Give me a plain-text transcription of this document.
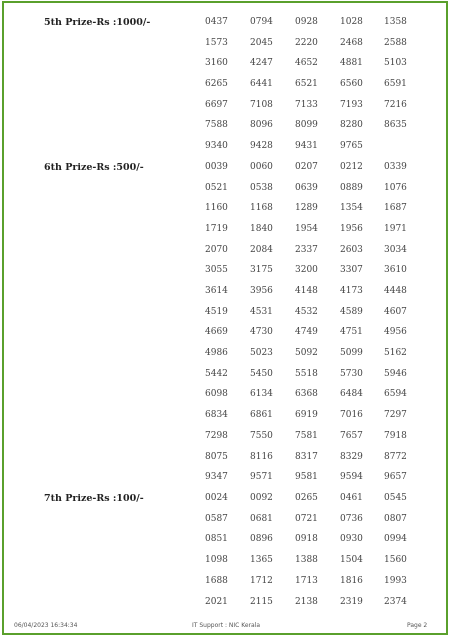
5th Prize-Rs :1000/-	0437 0794 0928 1028 1358
1573 2045 2220 2468 2588
3160 4247 4652 4881 5103
6265 6441 6521 6560 6591
6697 7108 7133 7193 7216
7588 8096 8099 8280 8635
9340 9428 9431 9765
6th Prize-Rs :500/-	0039 0060 0207 0212 0339
0521 0538 0639 0889 1076
1160 1168 1289 1354 1687
1719 1840 1954 1956 1971
2070 2084 2337 2603 3034
3055 3175 3200 3307 3610
3614 3956 4148 4173 4448
4519 4531 4532 4589 4607
4669 4730 4749 4751 4956
4986 5023 5092 5099 5162
5442 5450 5518 5730 5946
6098 6134 6368 6484 6594
6834 6861 6919 7016 7297
7298 7550 7581 7657 7918
8075 8116 8317 8329 8772
9347 9571 9581 9594 9657
7th Prize-Rs :100/-	0024 0092 0265 0461 0545
0587 0681 0721 0736 0807
0851 0896 0918 0930 0994
1098 1365 1388 1504 1560
1688 1712 1713 1816 1993
2021 2115 2138 2319 2374
06/04/2023 16:34:34	IT Support : NIC Kerala	Page 2
